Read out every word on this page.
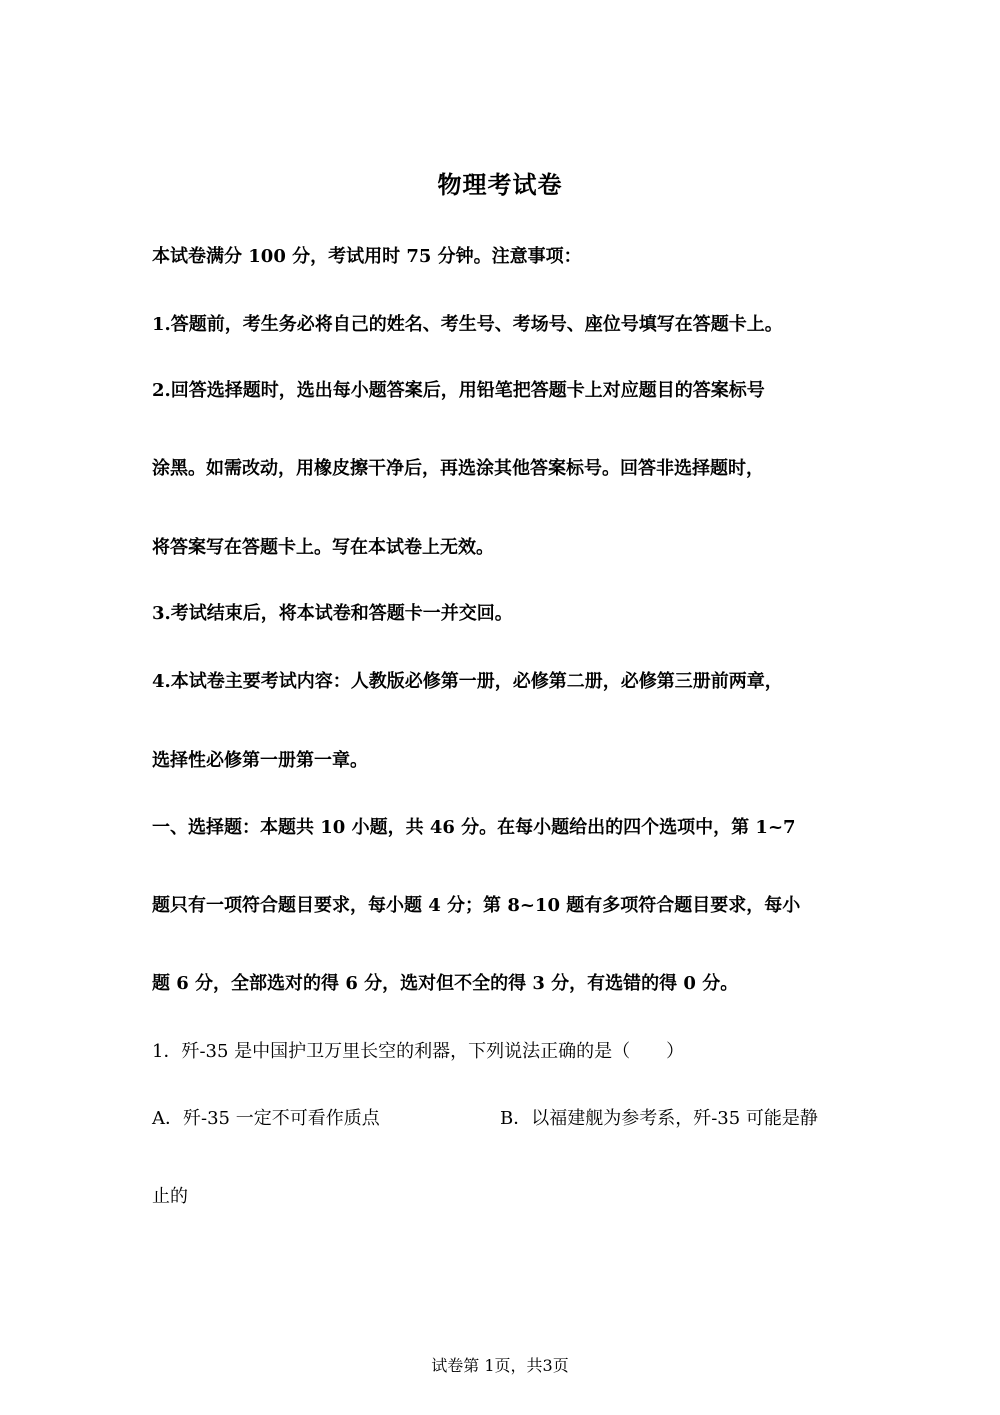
物理考试卷
本试卷满分 100 分，考试用时 75 分钟。注意事项：
1.答题前，考生务必将自己的姓名、考生号、考场号、座位号填写在答题卡上。
2.回答选择题时，选出每小题答案后，用铅笔把答题卡上对应题目的答案标号
涂黑。如需改动，用橡皮擦干净后，再选涂其他答案标号。回答非选择题时，
将答案写在答题卡上。写在本试卷上无效。
3.考试结束后，将本试卷和答题卡一并交回。
4.本试卷主要考试内容：人教版必修第一册，必修第二册，必修第三册前两章，
选择性必修第一册第一章。
一、选择题：本题共 10 小题，共 46 分。在每小题给出的四个选项中，第 1~7
题只有一项符合题目要求，每小题 4 分；第 8~10 题有多项符合题目要求，每小
题 6 分，全部选对的得 6 分，选对但不全的得 3 分，有选错的得 0 分。
1．歼-35 是中国护卫万里长空的利器，下列说法正确的是（　　）
A．歼-35 一定不可看作质点	B．以福建舰为参考系，歼-35 可能是静
止的
试卷第 1页，共3页
